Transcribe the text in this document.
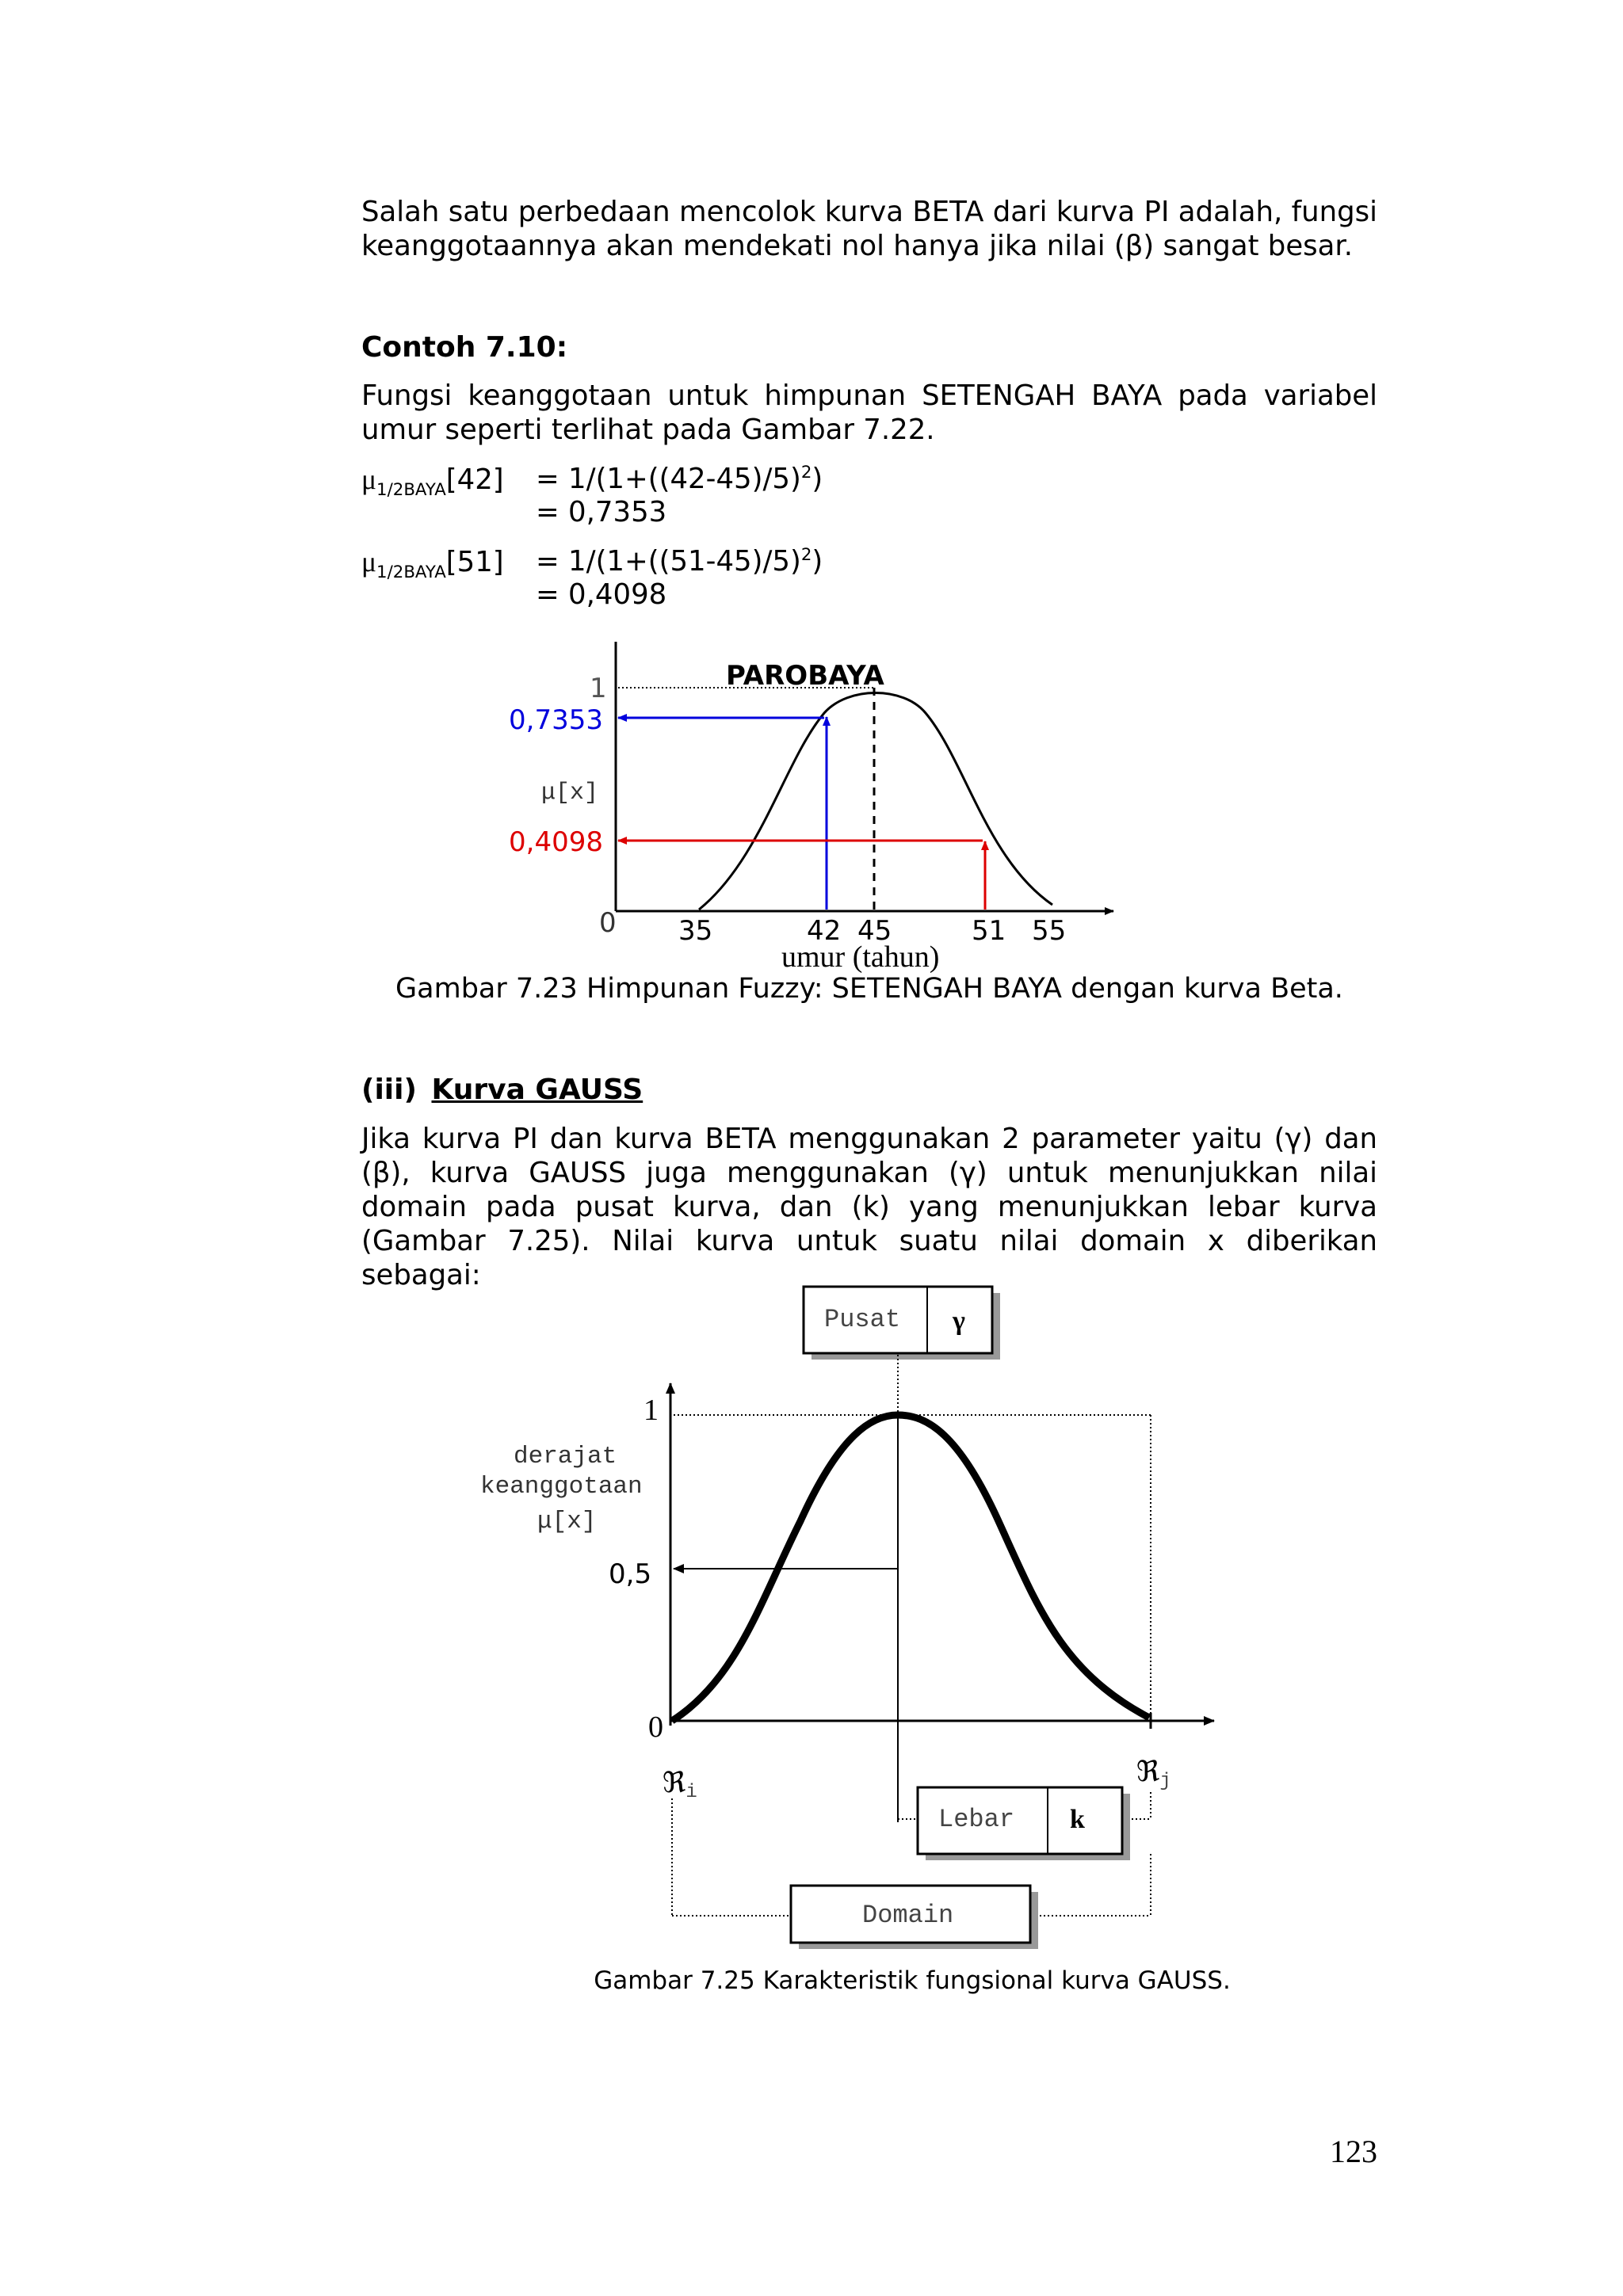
Salah satu perbedaan mencolok kurva BETA dari kurva PI adalah, fungsi
keanggotaannya akan mendekati nol hanya jika nilai (β) sangat besar.
Contoh 7.10:
Fungsi keanggotaan untuk himpunan SETENGAH BAYA pada variabel
umur seperti terlihat pada Gambar 7.22.
$\mu_{1/2BAYA}[42] = 1/(1+((42-45)/5)^2)$
= 0,7353
$\mu_{1/2BAYA}[51] = 1/(1+((51-45)/5)^2)$
= 0,4098
PAROBAYA
1
0,7353
μ[x]
0,4098
0 35	42 45	51 55
umur (tahun)
Gambar 7.23 Himpunan Fuzzy: SETENGAH BAYA dengan kurva Beta.
(iii) Kurva GAUSS
Jika kurva PI dan kurva BETA menggunakan 2 parameter yaitu (γ) dan
(β), kurva GAUSS juga menggunakan (γ) untuk menunjukkan nilai
domain pada pusat kurva, dan (k) yang menunjukkan lebar kurva
(Gambar 7.25). Nilai kurva untuk suatu nilai domain x diberikan sebagai:
Pusat γ
1
derajat
keanggotaan
μ[x]
0,5
0
ℜi
ℜj
Lebar k
Domain
Gambar 7.25 Karakteristik fungsional kurva GAUSS.
123
